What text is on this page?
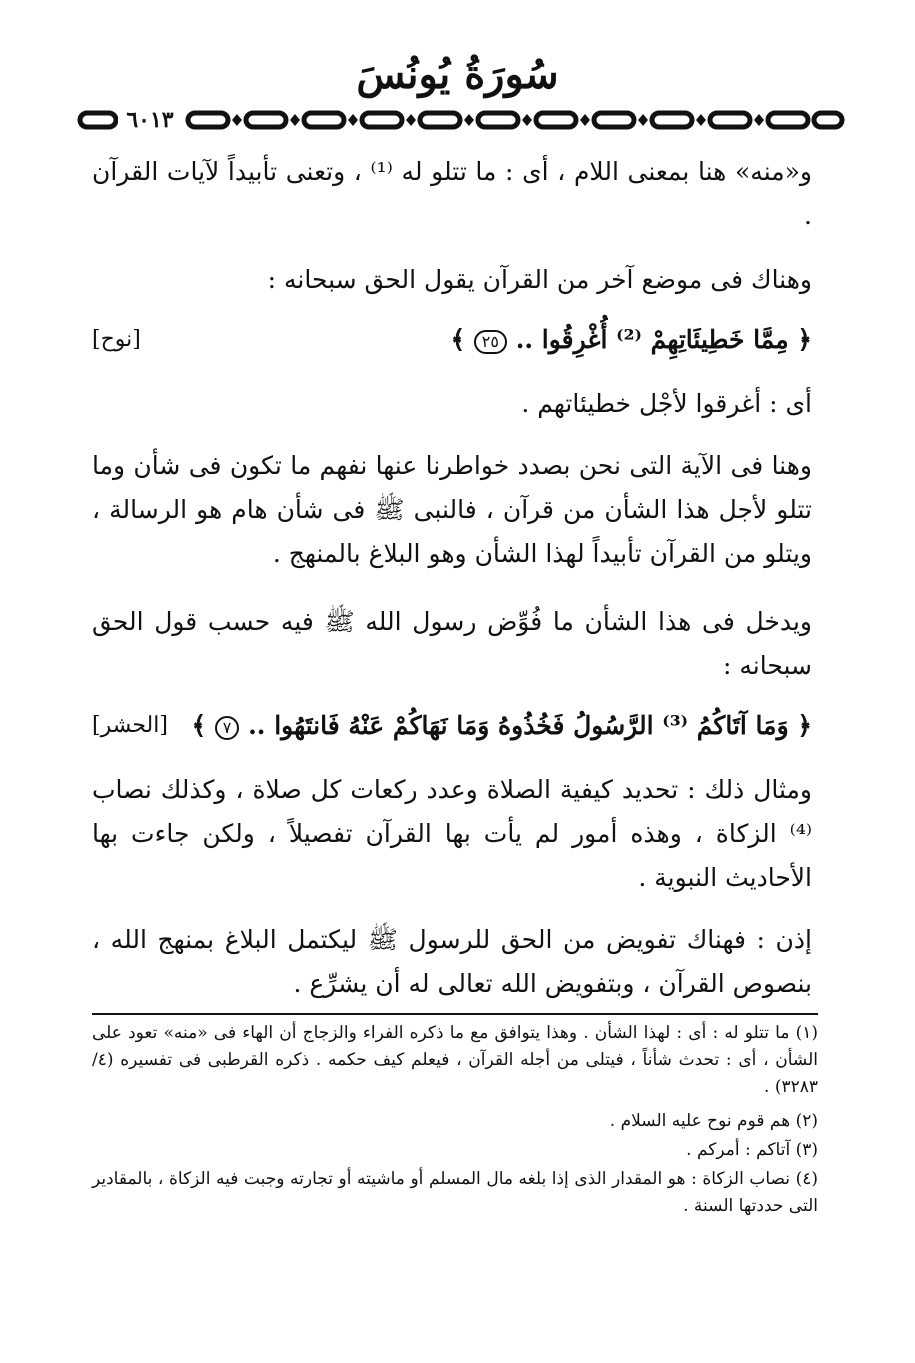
سُورَةُ يُونُسَ
٦٠١٣
و«منه» هنا بمعنى اللام ، أى : ما تتلو له ⁽¹⁾ ، وتعنى تأبيداً لآيات القرآن .
وهناك فى موضع آخر من القرآن يقول الحق سبحانه :
﴿ مِمَّا خَطِيئَاتِهِمْ ⁽²⁾ أُغْرِقُوا .. ٢٥ ﴾
[نوح]
أى : أغرقوا لأجْل خطيئاتهم .
وهنا فى الآية التى نحن بصدد خواطرنا عنها نفهم ما تكون فى شأن وما تتلو لأجل هذا الشأن من قرآن ، فالنبى ﷺ فى شأن هام هو الرسالة ، ويتلو من القرآن تأبيداً لهذا الشأن وهو البلاغ بالمنهج .
ويدخل فى هذا الشأن ما فُوِّض رسول الله ﷺ فيه حسب قول الحق سبحانه :
﴿ وَمَا آتَاكُمُ ⁽³⁾ الرَّسُولُ فَخُذُوهُ وَمَا نَهَاكُمْ عَنْهُ فَانتَهُوا .. ٧ ﴾
[الحشر]
ومثال ذلك : تحديد كيفية الصلاة وعدد ركعات كل صلاة ، وكذلك نصاب ⁽⁴⁾ الزكاة ، وهذه أمور لم يأت بها القرآن تفصيلاً ، ولكن جاءت بها الأحاديث النبوية .
إذن : فهناك تفويض من الحق للرسول ﷺ ليكتمل البلاغ بمنهج الله ، بنصوص القرآن ، وبتفويض الله تعالى له أن يشرِّع .
(١) ما تتلو له : أى : لهذا الشأن . وهذا يتوافق مع ما ذكره الفراء والزجاج أن الهاء فى «منه» تعود على الشأن ، أى : تحدث شأناً ، فيتلى من أجله القرآن ، فيعلم كيف حكمه . ذكره القرطبى فى تفسيره (٤/ ٣٢٨٣) .
(٢) هم قوم نوح عليه السلام .
(٣) آتاكم : أمركم .
(٤) نصاب الزكاة : هو المقدار الذى إذا بلغه مال المسلم أو ماشيته أو تجارته وجبت فيه الزكاة ، بالمقادير التى حددتها السنة .
